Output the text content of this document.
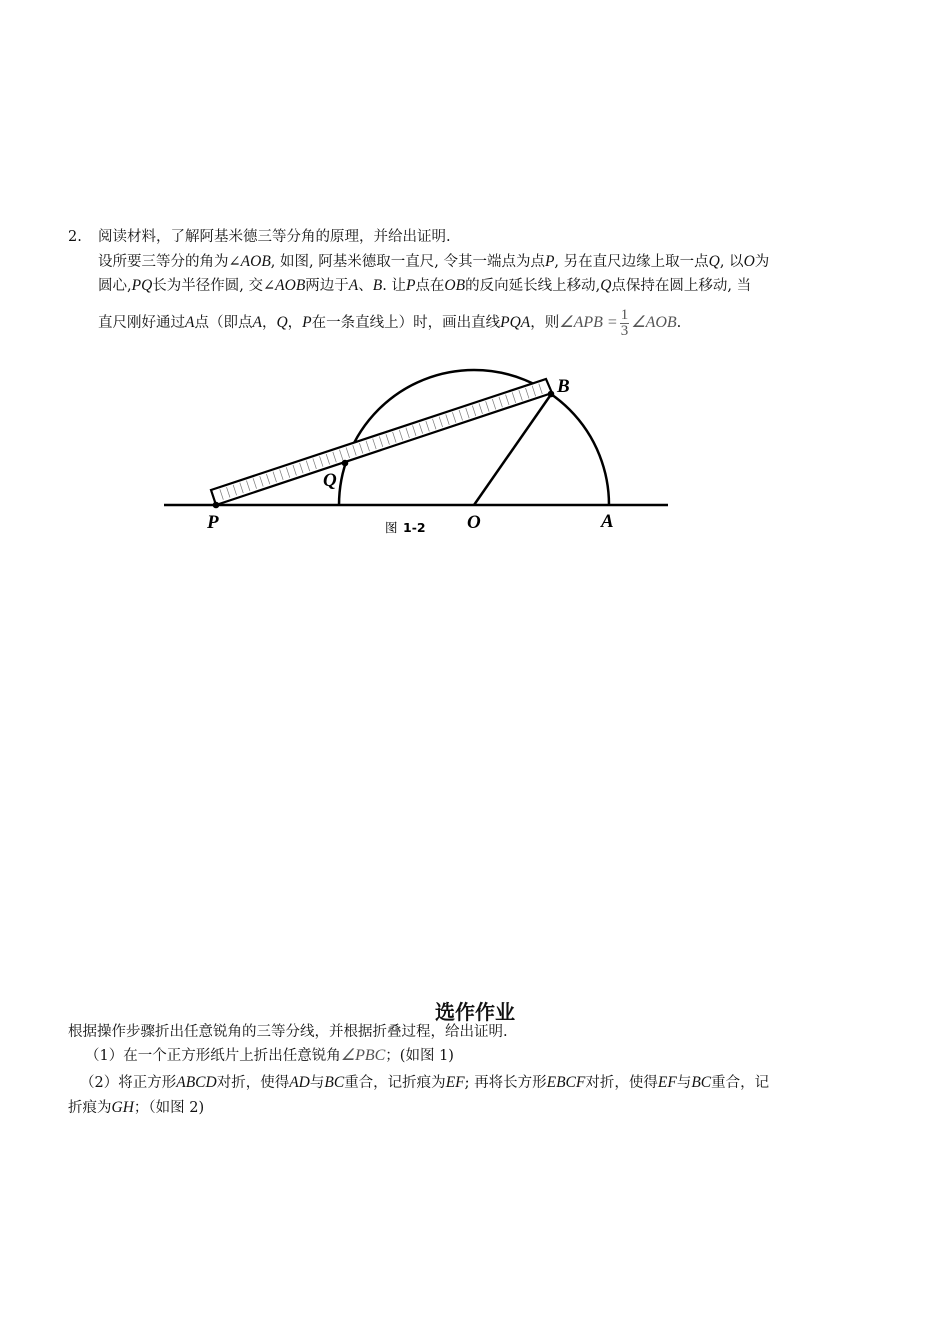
2. 阅读材料，了解阿基米德三等分角的原理，并给出证明.
设所要三等分的角为∠AOB, 如图, 阿基米德取一直尺, 令其一端点为点P, 另在直尺边缘上取一点Q, 以O为
圆心,PQ长为半径作圆, 交∠AOB两边于A、B. 让P点在OB的反向延长线上移动,Q点保持在圆上移动, 当
直尺刚好通过A点（即点A，Q，P在一条直线上）时，画出直线PQA，则∠APB = $\frac{1}{3}$ ∠AOB.
P
Q
O	A
B
图 1-2
选作作业
根据操作步骤折出任意锐角的三等分线，并根据折叠过程，给出证明.
（1）在一个正方形纸片上折出任意锐角∠PBC；(如图 1)
（2）将正方形ABCD对折，使得AD与BC重合，记折痕为EF; 再将长方形EBCF对折，使得EF与BC重合，记
折痕为GH；（如图 2)
